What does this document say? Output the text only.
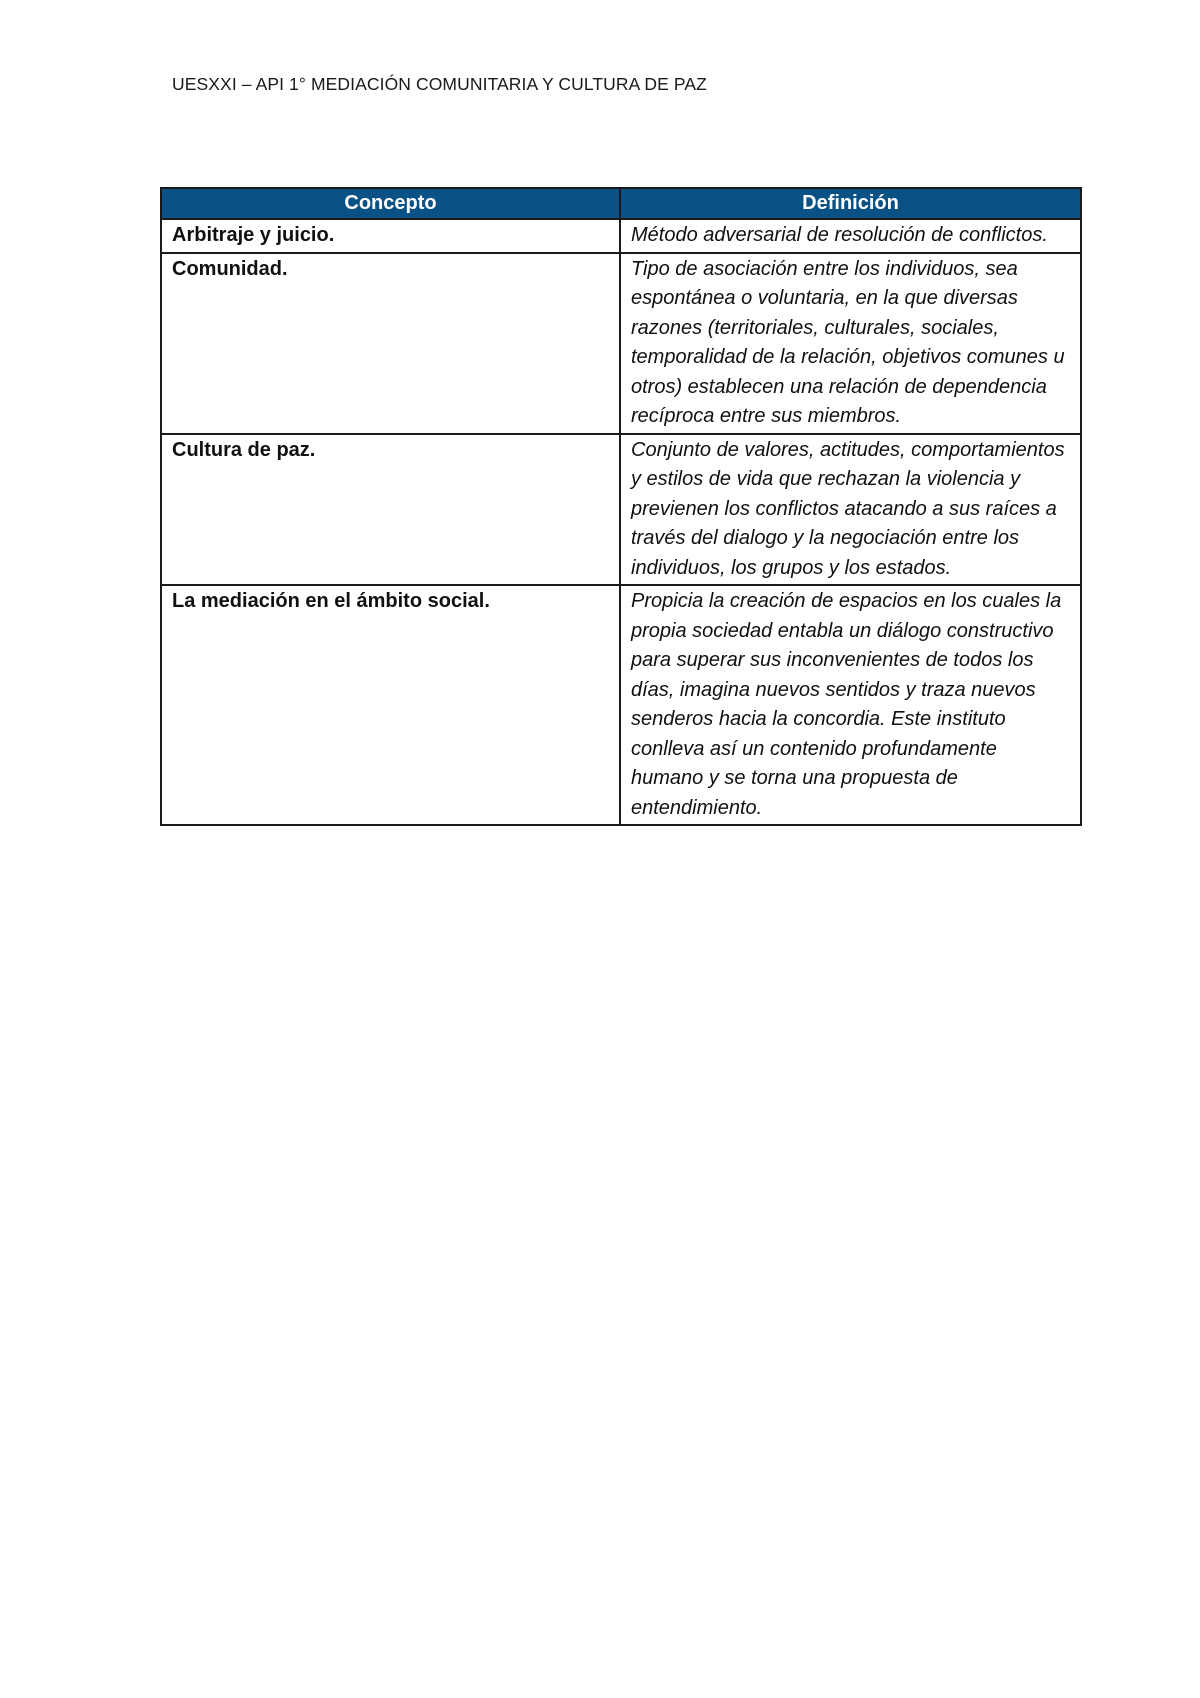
UESXXI – API 1° MEDIACIÓN COMUNITARIA Y CULTURA DE PAZ
Concepto	Definición
Arbitraje y juicio.	Método adversarial de resolución de conflictos.
Comunidad.	Tipo de asociación entre los individuos, sea espontánea o voluntaria, en la que diversas razones (territoriales, culturales, sociales, temporalidad de la relación, objetivos comunes u otros) establecen una relación de dependencia recíproca entre sus miembros.
Cultura de paz.	Conjunto de valores, actitudes, comportamientos y estilos de vida que rechazan la violencia y previenen los conflictos atacando a sus raíces a través del dialogo y la negociación entre los individuos, los grupos y los estados.
La mediación en el ámbito social.	Propicia la creación de espacios en los cuales la propia sociedad entabla un diálogo constructivo para superar sus inconvenientes de todos los días, imagina nuevos sentidos y traza nuevos senderos hacia la concordia. Este instituto conlleva así un contenido profundamente humano y se torna una propuesta de entendimiento.
